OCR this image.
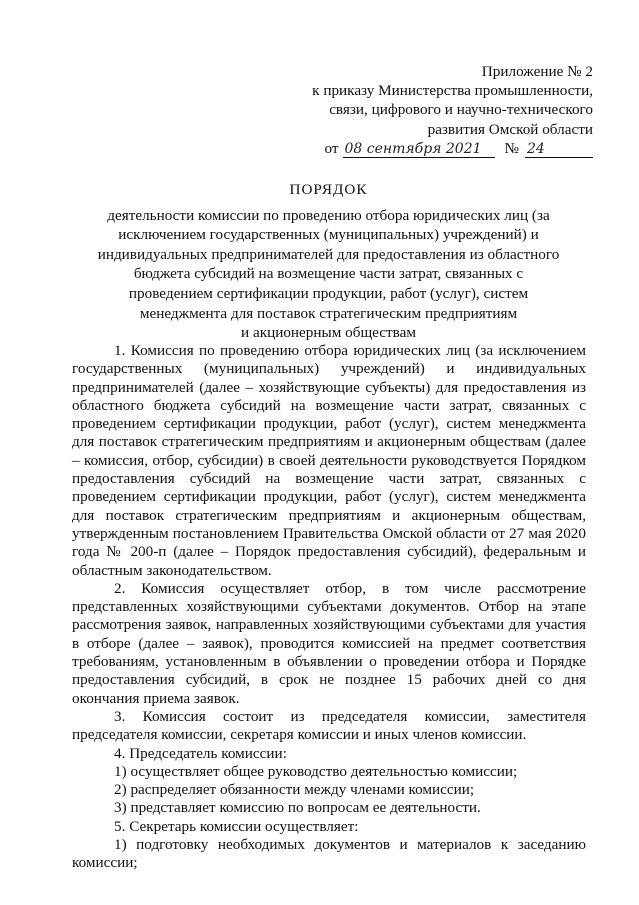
Приложение № 2
к приказу Министерства промышленности,
связи, цифрового и научно-технического
развития Омской области
от 08 сентября 2021	№ 24
ПОРЯДОК
деятельности комиссии по проведению отбора юридических лиц (за
исключением государственных (муниципальных) учреждений) и
индивидуальных предпринимателей для предоставления из областного
бюджета субсидий на возмещение части затрат, связанных с
проведением сертификации продукции, работ (услуг), систем
менеджмента для поставок стратегическим предприятиям
и акционерным обществам

1. Комиссия по проведению отбора юридических лиц (за исключением государственных (муниципальных) учреждений) и индивидуальных предпринимателей (далее – хозяйствующие субъекты) для предоставления из областного бюджета субсидий на возмещение части затрат, связанных с проведением сертификации продукции, работ (услуг), систем менеджмента для поставок стратегическим предприятиям и акционерным обществам (далее – комиссия, отбор, субсидии) в своей деятельности руководствуется Порядком предоставления субсидий на возмещение части затрат, связанных с проведением сертификации продукции, работ (услуг), систем менеджмента для поставок стратегическим предприятиям и акционерным обществам, утвержденным постановлением Правительства Омской области от 27 мая 2020 года № 200-п (далее – Порядок предоставления субсидий), федеральным и областным законодательством.

2. Комиссия осуществляет отбор, в том числе рассмотрение представленных хозяйствующими субъектами документов. Отбор на этапе рассмотрения заявок, направленных хозяйствующими субъектами для участия в отборе (далее – заявок), проводится комиссией на предмет соответствия требованиям, установленным в объявлении о проведении отбора и Порядке предоставления субсидий, в срок не позднее 15 рабочих дней со дня окончания приема заявок.

3. Комиссия состоит из председателя комиссии, заместителя председателя комиссии, секретаря комиссии и иных членов комиссии.

4. Председатель комиссии:

1) осуществляет общее руководство деятельностью комиссии;

2) распределяет обязанности между членами комиссии;

3) представляет комиссию по вопросам ее деятельности.

5. Секретарь комиссии осуществляет:

1) подготовку необходимых документов и материалов к заседанию комиссии;
